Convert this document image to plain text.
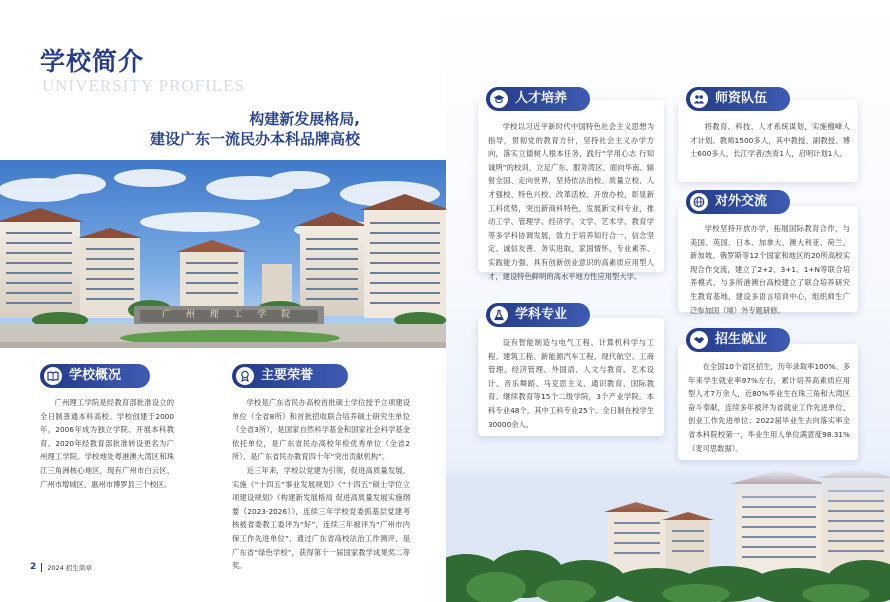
学校简介
UNIVERSITY PROFILES
构建新发展格局,
建设广东一流民办本科品牌高校
广 州 理 工 学 院
学校概况

广州理工学院是经教育部批准设立的全日制普通本科高校。学校创建于2000年，2006年成为独立学院、开展本科教育。2020年经教育部批准转设更名为广州理工学院。学校地处粤港澳大湾区和珠江三角洲核心地区，现有广州市白云区、广州市增城区、惠州市博罗县三个校区。

主要荣誉

学校是广东省民办高校首批硕士学位授予立项建设单位（全省8所）和首批招收联合培养硕士研究生单位（全省3所），是国家自然科学基金和国家社会科学基金依托单位，是广东省民办高校年检优秀单位（全省2所），是广东省民办教育四十年“突出贡献机构”。

近三年来，学校以党建为引领，促进高质量发展，实施《“十四五”事业发展规划》《“十四五”硕士学位立项建设规划》《构建新发展格局 促进高质量发展实施纲要（2023-2026）》，连续三年学校党委抓基层党建考核被省委教工委评为“好”，连续三年被评为“广州市内保工作先进单位”，通过广东省高校法治工作测评，是广东省“绿色学校”，获得第十一届国家教学成果奖二等奖。

2 2024 招生简章
人才培养

学校以习近平新时代中国特色社会主义思想为指导，贯彻党的教育方针，坚持社会主义办学方向，落实立德树人根本任务，践行“学用心志 行知诚明”的校训，立足广东、服务湾区、面向华南、辐射全国、走向世界，坚持依法治校、质量立校、人才强校、特色兴校、改革活校、开放办校，彰显新工科优势，突出新商科特色，发展新文科专业，推动工学、管理学、经济学、文学、艺术学、教育学等多学科协调发展，致力于培养知行合一、信念坚定、诚信友善、务实进取、家国情怀、专业素养、实践能力强、具有创新创业意识的高素质应用型人才，建设特色鲜明的高水平地方性应用型大学。

学科专业

设有智能制造与电气工程、计算机科学与工程、建筑工程、新能源汽车工程、现代航空、工商管理、经济管理、外国语、人文与教育、艺术设计、音乐舞蹈、马克思主义、通识教育、国际教育、继续教育等15个二级学院，3个产业学院。本科专业48个，其中工科专业25个。全日制在校学生30000余人。

师资队伍

将教育、科技、人才系统谋划，实施榴峰人才计划。教师1500多人，其中教授、副教授、博士600多人，长江学者/杰青1人，启明计划1人。

对外交流

学校坚持开放办学，拓展国际教育合作，与美国、英国、日本、加拿大、澳大利亚、荷兰、新加坡、俄罗斯等12个国家和地区的20所高校实现合作交流，建立了2+2、3+1、1+N等联合培养模式，与多所港澳台高校建立了联合培养研究生教育基地，建设多语言培训中心，组织师生广泛参加国（境）外专题研修。

招生就业

在全国10个省区招生，历年录取率100%。多年来学生就业率97%左右，累计培养高素质应用型人才7万余人，近80%毕业生在珠三角和大湾区奋斗奉献，连续多年被评为省就业工作先进单位、创业工作先进单位；2022届毕业生去向落实率全省本科院校第一，毕业生用人单位满意度98.31%（麦可思数据）。
